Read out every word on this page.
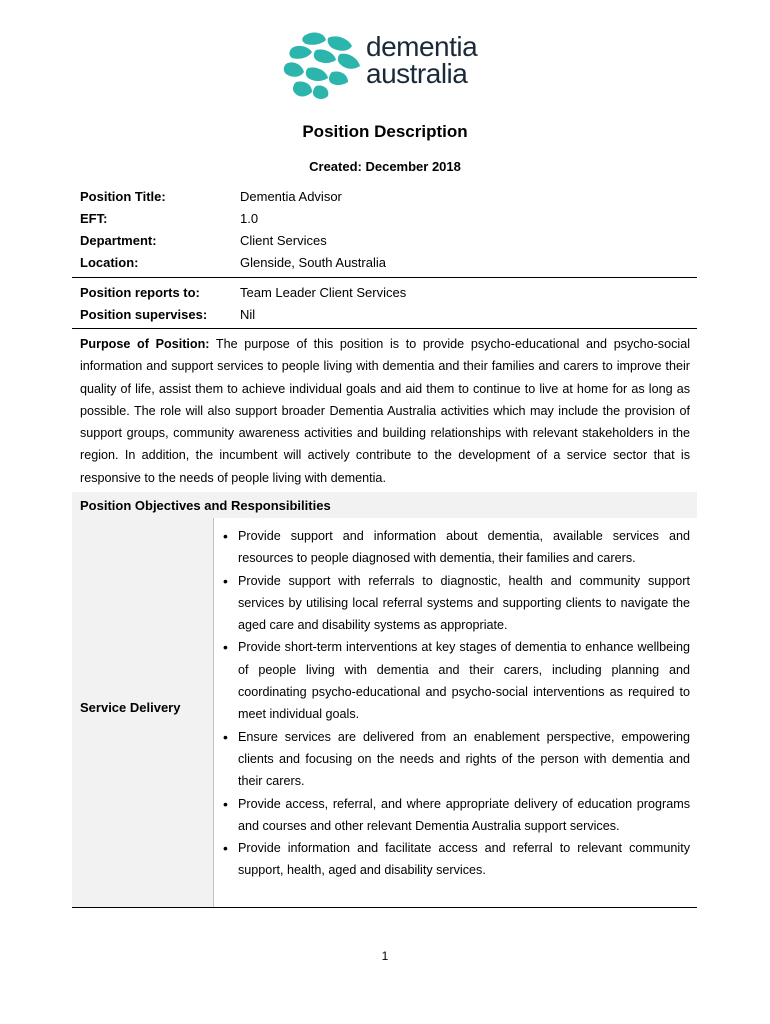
dementia
australia
Position Description
Created: December 2018
Position Title:	Dementia Advisor
EFT:	1.0
Department:	Client Services
Location:	Glenside, South Australia
Position reports to:	Team Leader Client Services
Position supervises:	Nil
Purpose of Position: The purpose of this position is to provide psycho-educational and psycho-social information and support services to people living with dementia and their families and carers to improve their quality of life, assist them to achieve individual goals and aid them to continue to live at home for as long as possible. The role will also support broader Dementia Australia activities which may include the provision of support groups, community awareness activities and building relationships with relevant stakeholders in the region. In addition, the incumbent will actively contribute to the development of a service sector that is responsive to the needs of people living with dementia.
Position Objectives and Responsibilities
Service Delivery
• Provide support and information about dementia, available services and resources to people diagnosed with dementia, their families and carers.
• Provide support with referrals to diagnostic, health and community support services by utilising local referral systems and supporting clients to navigate the aged care and disability systems as appropriate.
• Provide short-term interventions at key stages of dementia to enhance wellbeing of people living with dementia and their carers, including planning and coordinating psycho-educational and psycho-social interventions as required to meet individual goals.
• Ensure services are delivered from an enablement perspective, empowering clients and focusing on the needs and rights of the person with dementia and their carers.
• Provide access, referral, and where appropriate delivery of education programs and courses and other relevant Dementia Australia support services.
• Provide information and facilitate access and referral to relevant community support, health, aged and disability services.
1
